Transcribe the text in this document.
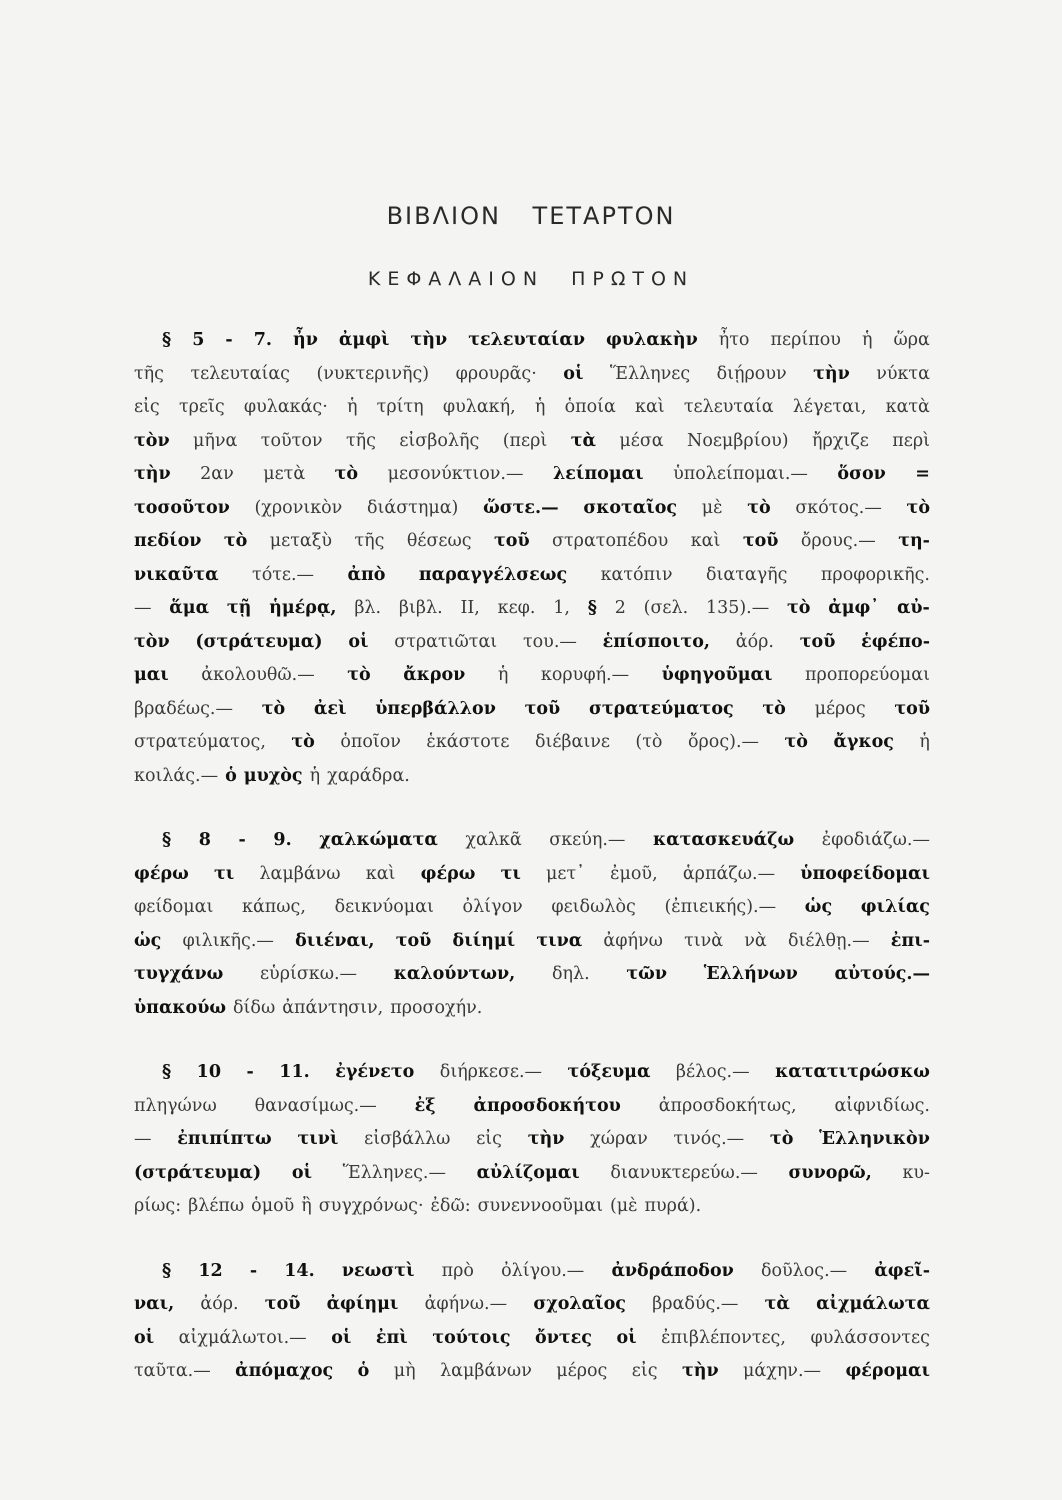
ΒΙΒΛΙΟΝ ΤΕΤΑΡΤΟΝ
ΚΕΦΑΛΑΙΟΝ ΠΡΩΤΟΝ
§ 5 - 7. ἦν ἀμφὶ τὴν τελευταίαν φυλακὴν ἦτο περίπου ἡ ὥρα
τῆς τελευταίας (νυκτερινῆς) φρουρᾶς· οἱ Ἕλληνες διῄρουν τὴν νύκτα
εἰς τρεῖς φυλακάς· ἡ τρίτη φυλακή, ἡ ὁποία καὶ τελευταία λέγεται, κατὰ
τὸν μῆνα τοῦτον τῆς εἰσβολῆς (περὶ τὰ μέσα Νοεμβρίου) ἤρχιζε περὶ
τὴν 2αν μετὰ τὸ μεσονύκτιον.— λείπομαι ὑπολείπομαι.— ὅσον =
τοσοῦτον (χρονικὸν διάστημα) ὥστε.— σκοταῖος μὲ τὸ σκότος.— τὸ
πεδίον τὸ μεταξὺ τῆς θέσεως τοῦ στρατοπέδου καὶ τοῦ ὄρους.— τη-
νικαῦτα τότε.— ἀπὸ παραγγέλσεως κατόπιν διαταγῆς προφορικῆς.
— ἅμα τῇ ἡμέρᾳ, βλ. βιβλ. II, κεφ. 1, § 2 (σελ. 135).— τὸ ἀμφ᾽ αὐ-
τὸν (στράτευμα) οἱ στρατιῶται του.— ἑπίσποιτο, ἀόρ. τοῦ ἑφέπο-
μαι ἀκολουθῶ.— τὸ ἄκρον ἡ κορυφή.— ὑφηγοῦμαι προπορεύομαι
βραδέως.— τὸ ἀεὶ ὑπερβάλλον τοῦ στρατεύματος τὸ μέρος τοῦ
στρατεύματος, τὸ ὁποῖον ἑκάστοτε διέβαινε (τὸ ὄρος).— τὸ ἄγκος ἡ
κοιλάς.— ὁ μυχὸς ἡ χαράδρα.
§ 8 - 9. χαλκώματα χαλκᾶ σκεύη.— κατασκευάζω ἐφοδιάζω.—
φέρω τι λαμβάνω καὶ φέρω τι μετ᾽ ἐμοῦ, ἁρπάζω.— ὑποφείδομαι
φείδομαι κάπως, δεικνύομαι ὀλίγον φειδωλὸς (ἐπιεικής).— ὡς φιλίας
ὡς φιλικῆς.— διιέναι, τοῦ διίημί τινα ἀφήνω τινὰ νὰ διέλθῃ.— ἐπι-
τυγχάνω εὑρίσκω.— καλούντων, δηλ. τῶν Ἑλλήνων αὐτούς.—
ὑπακούω δίδω ἀπάντησιν, προσοχήν.
§ 10 - 11. ἐγένετο διήρκεσε.— τόξευμα βέλος.— κατατιτρώσκω
πληγώνω θανασίμως.— ἐξ ἀπροσδοκήτου ἀπροσδοκήτως, αἰφνιδίως.
— ἐπιπίπτω τινὶ εἰσβάλλω εἰς τὴν χώραν τινός.— τὸ Ἑλληνικὸν
(στράτευμα) οἱ Ἕλληνες.— αὐλίζομαι διανυκτερεύω.— συνορῶ, κυ-
ρίως: βλέπω ὁμοῦ ἢ συγχρόνως· ἐδῶ: συνεννοοῦμαι (μὲ πυρά).
§ 12 - 14. νεωστὶ πρὸ ὀλίγου.— ἀνδράποδον δοῦλος.— ἀφεῖ-
ναι, ἀόρ. τοῦ ἀφίημι ἀφήνω.— σχολαῖος βραδύς.— τὰ αἰχμάλωτα
οἱ αἰχμάλωτοι.— οἱ ἐπὶ τούτοις ὄντες οἱ ἐπιβλέποντες, φυλάσσοντες
ταῦτα.— ἀπόμαχος ὁ μὴ λαμβάνων μέρος εἰς τὴν μάχην.— φέρομαι
